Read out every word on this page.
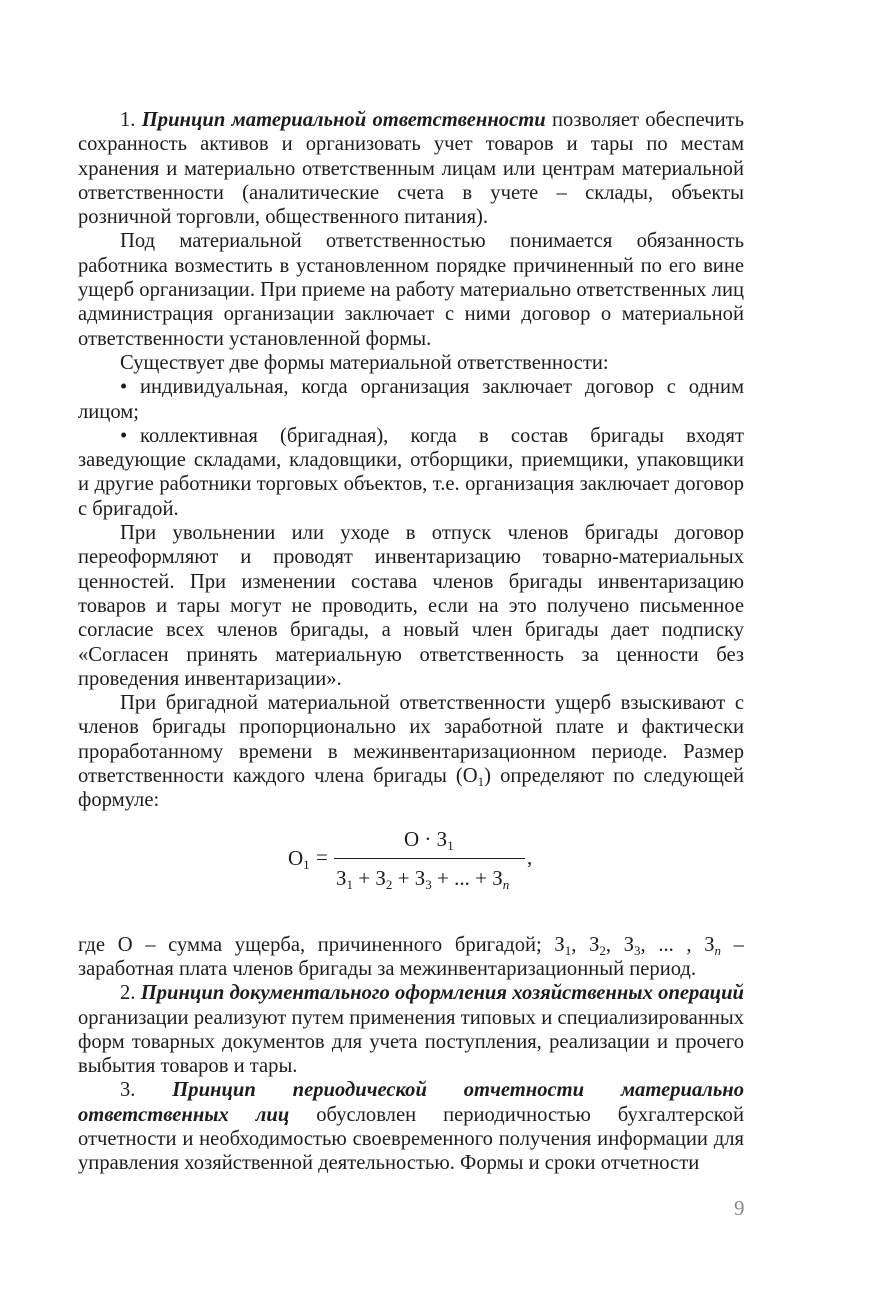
1. Принцип материальной ответственности позволяет обеспечить сохранность активов и организовать учет товаров и тары по местам хранения и материально ответственным лицам или центрам материальной ответственности (аналитические счета в учете – склады, объекты розничной торговли, общественного питания).

Под материальной ответственностью понимается обязанность работника возместить в установленном порядке причиненный по его вине ущерб организации. При приеме на работу материально ответственных лиц администрация организации заключает с ними договор о материальной ответственности установленной формы.

Существует две формы материальной ответственности:

• индивидуальная, когда организация заключает договор с одним лицом;

• коллективная (бригадная), когда в состав бригады входят заведующие складами, кладовщики, отборщики, приемщики, упаковщики и другие работники торговых объектов, т.е. организация заключает договор с бригадой.

При увольнении или уходе в отпуск членов бригады договор переоформляют и проводят инвентаризацию товарно-материальных ценностей. При изменении состава членов бригады инвентаризацию товаров и тары могут не проводить, если на это получено письменное согласие всех членов бригады, а новый член бригады дает подписку «Согласен принять материальную ответственность за ценности без проведения инвентаризации».

При бригадной материальной ответственности ущерб взыскивают с членов бригады пропорционально их заработной плате и фактически проработанному времени в межинвентаризационном периоде. Размер ответственности каждого члена бригады $(О_1)$ определяют по следующей формуле:

$О_1$ =
$О \cdot З_1$
$З_1 + З_2 + З_3$ + ... + $З_n$
,

где О – сумма ущерба, причиненного бригадой; $З_1$, $З_2$, $З_3$, ... , $З_n$ – заработная плата членов бригады за межинвентаризационный период.

2. Принцип документального оформления хозяйственных операций организации реализуют путем применения типовых и специализированных форм товарных документов для учета поступления, реализации и прочего выбытия товаров и тары.

3. Принцип периодической отчетности материально ответственных лиц обусловлен периодичностью бухгалтерской отчетности и необходимостью своевременного получения информации для управления хозяйственной деятельностью. Формы и сроки отчетности

9
